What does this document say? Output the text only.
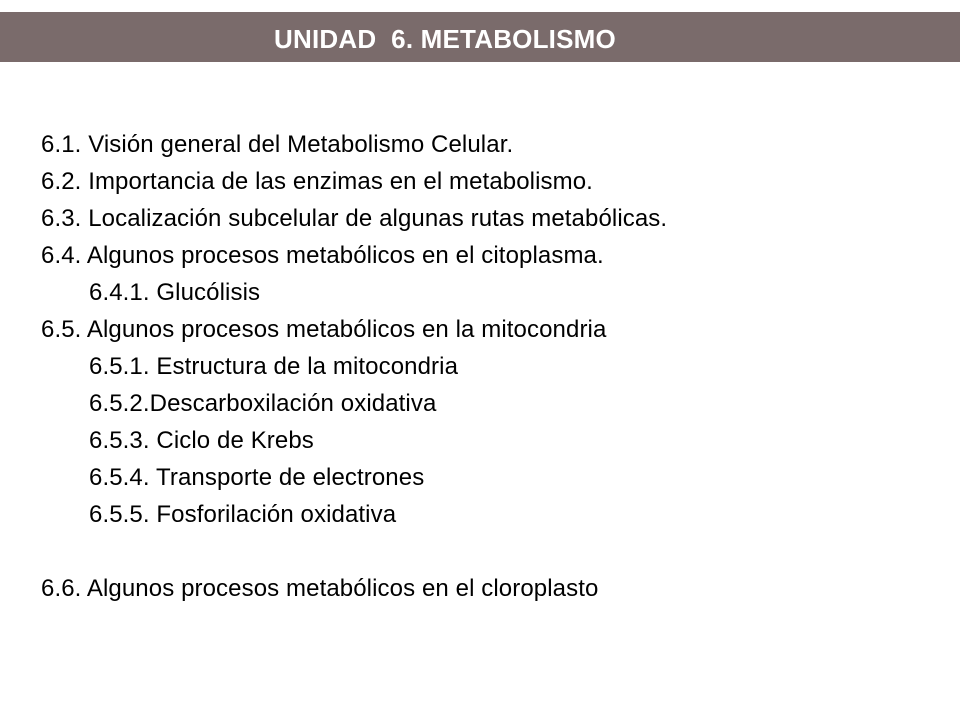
UNIDAD  6. METABOLISMO
6.1. Visión general del Metabolismo Celular.
6.2. Importancia de las enzimas en el metabolismo.
6.3. Localización subcelular de algunas rutas metabólicas.
6.4. Algunos procesos metabólicos en el citoplasma.
6.4.1. Glucólisis
6.5. Algunos procesos metabólicos en la mitocondria
6.5.1. Estructura de la mitocondria
6.5.2.Descarboxilación oxidativa
6.5.3. Ciclo de Krebs
6.5.4. Transporte de electrones
6.5.5. Fosforilación oxidativa
6.6. Algunos procesos metabólicos en el cloroplasto
